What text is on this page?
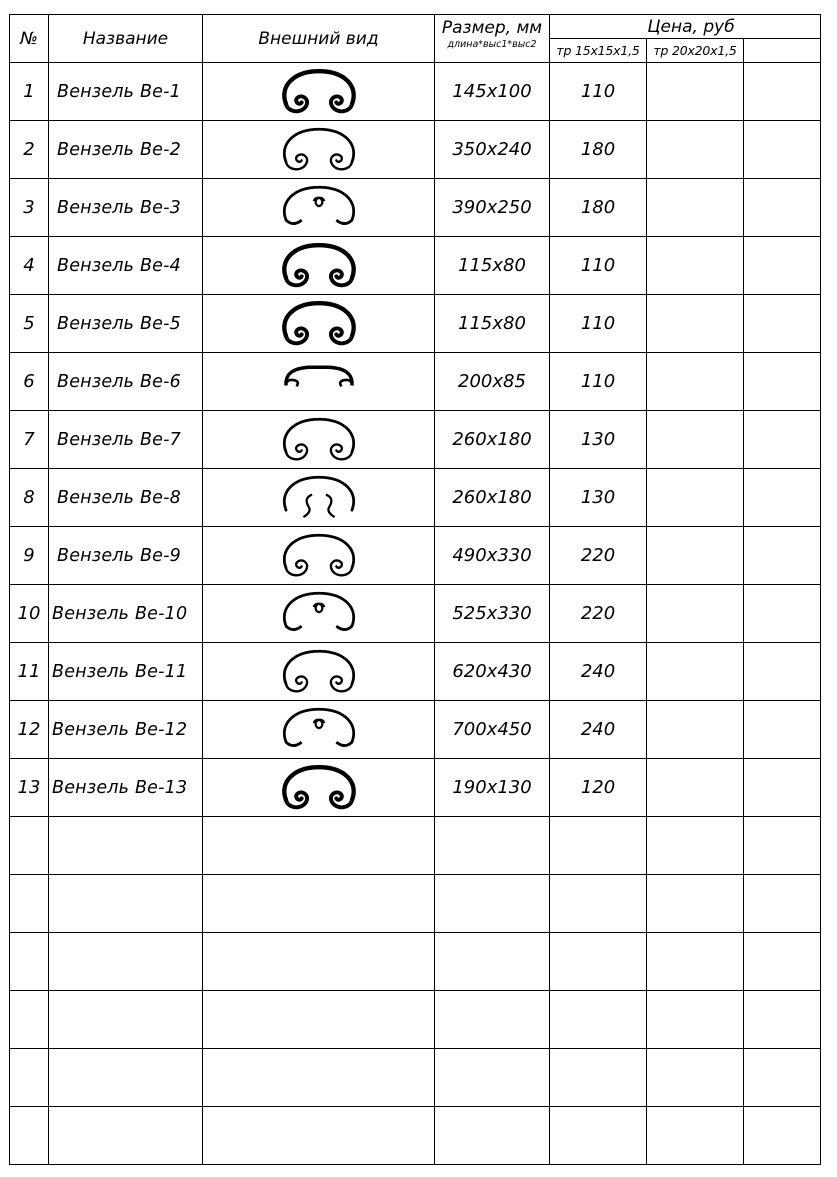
№	Название	Внешний вид	Размер, мм	Цена, руб		
			длина*выс1*выс2	тр 15х15х1,5	тр 20х20х1,5	
1	Вензель Ве-1		145х100	110		
2	Вензель Ве-2		350х240	180		
3	Вензель Ве-3		390х250	180		
4	Вензель Ве-4		115х80	110		
5	Вензель Ве-5		115х80	110		
6	Вензель Ве-6		200х85	110		
7	Вензель Ве-7		260х180	130		
8	Вензель Ве-8		260х180	130		
9	Вензель Ве-9		490х330	220		
10	Вензель Ве-10		525х330	220		
11	Вензель Ве-11		620х430	240		
12	Вензель Ве-12		700х450	240		
13	Вензель Ве-13		190х130	120		
